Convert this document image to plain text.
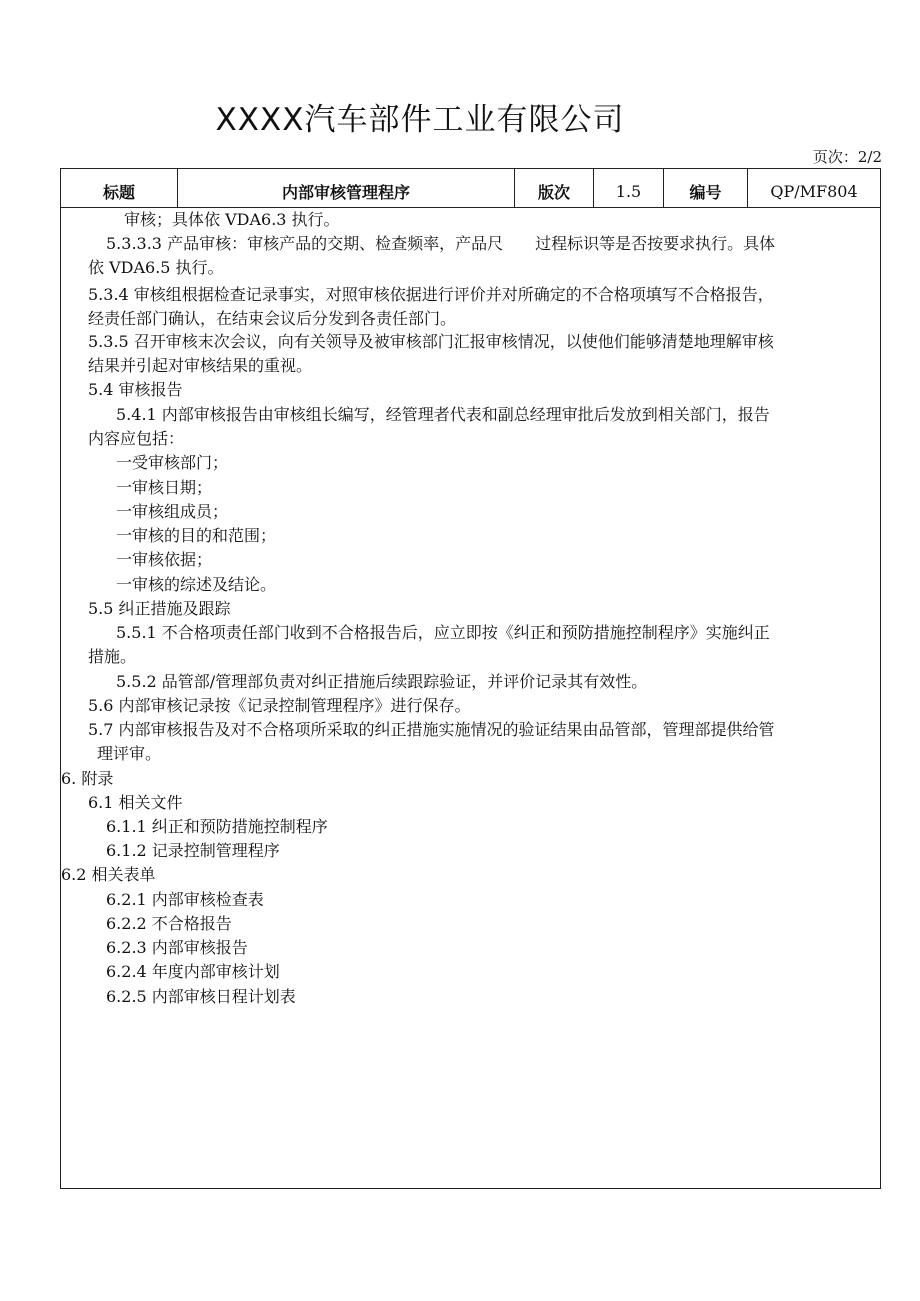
XXXX汽车部件工业有限公司
页次：2/2
标题	内部审核管理程序	版次	1.5	编号	QP/MF804
审核；具体依 VDA6.3 执行。
5.3.3.3 产品审核：审核产品的交期、检查频率，产品尺　　过程标识等是否按要求执行。具体
依 VDA6.5 执行。
5.3.4 审核组根据检查记录事实，对照审核依据进行评价并对所确定的不合格项填写不合格报告，
经责任部门确认，在结束会议后分发到各责任部门。
5.3.5 召开审核末次会议，向有关领导及被审核部门汇报审核情况，以使他们能够清楚地理解审核
结果并引起对审核结果的重视。
5.4 审核报告
5.4.1 内部审核报告由审核组长编写，经管理者代表和副总经理审批后发放到相关部门，报告
内容应包括：
一受审核部门；
一审核日期；
一审核组成员；
一审核的目的和范围；
一审核依据；
一审核的综述及结论。
5.5 纠正措施及跟踪
5.5.1 不合格项责任部门收到不合格报告后，应立即按《纠正和预防措施控制程序》实施纠正
措施。
5.5.2 品管部/管理部负责对纠正措施后续跟踪验证，并评价记录其有效性。
5.6 内部审核记录按《记录控制管理程序》进行保存。
5.7 内部审核报告及对不合格项所采取的纠正措施实施情况的验证结果由品管部，管理部提供给管
理评审。
6. 附录
6.1 相关文件
6.1.1 纠正和预防措施控制程序
6.1.2 记录控制管理程序
6.2 相关表单
6.2.1 内部审核检查表
6.2.2 不合格报告
6.2.3 内部审核报告
6.2.4 年度内部审核计划
6.2.5 内部审核日程计划表
